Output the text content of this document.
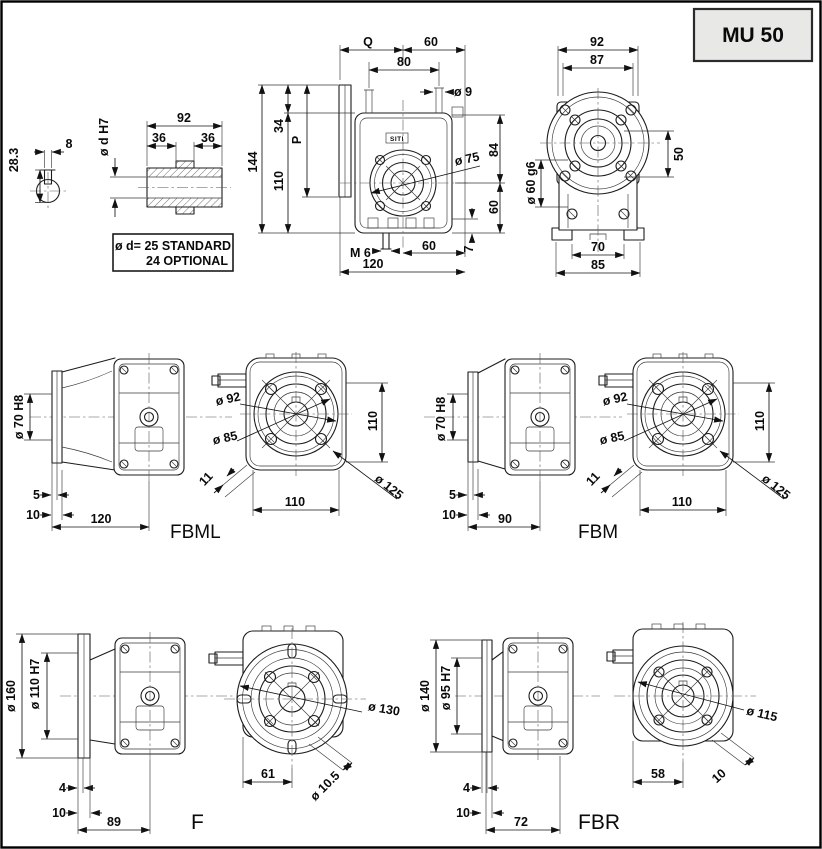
MU 50
28.3
8
92
36	36
ø d H7
ø d= 25 STANDARD
24 OPTIONAL
SITI
Q	60
80
ø 9
144
34
P
110
ø 75 84
60
7
M 6	60
120
92
87
ø 60 g6
50
70
85
ø 70 H8
5
10	120
FBML
ø 92
ø 85
11
110
110	ø 125
ø 70 H8
5
10	90
FBM
ø 92
ø 85
11
110
110	ø 125
ø 160 ø 110 H7
4
10
89	F
ø 130
61	ø 10.5
ø 140 ø 95 H7
4
10
72 FBR
ø 115
58	10
